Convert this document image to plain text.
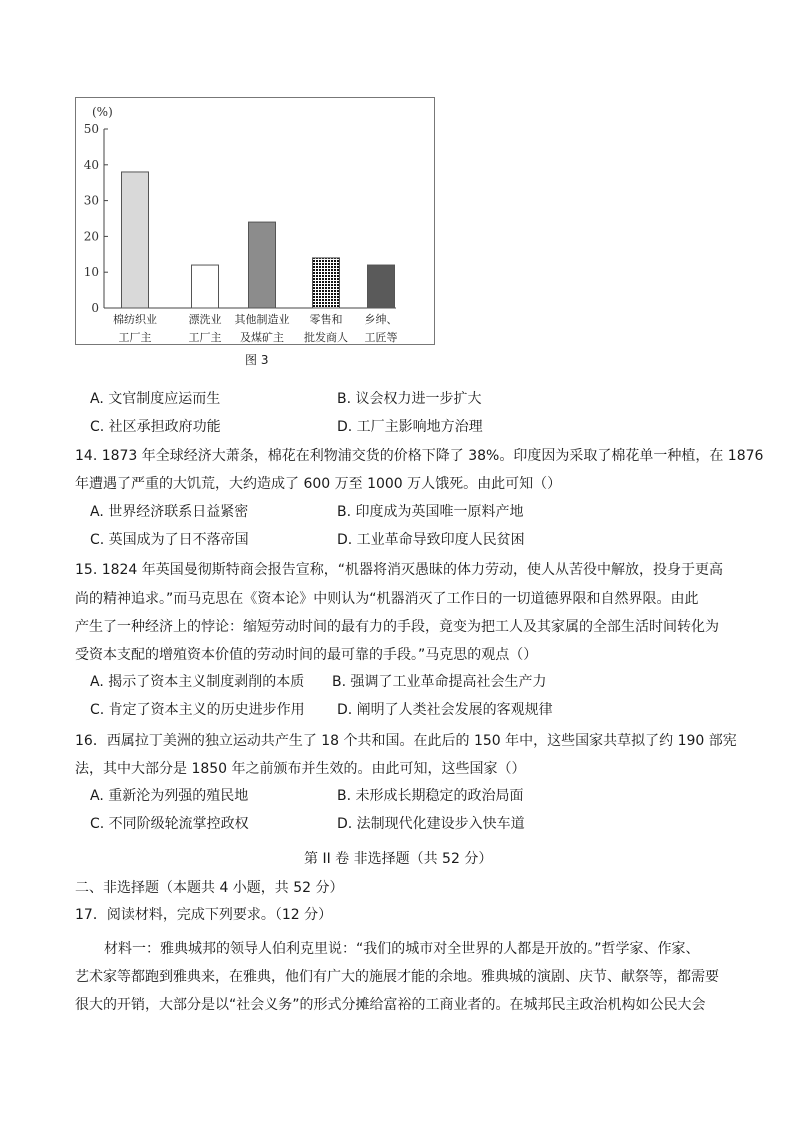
(%)
50
40
30
20
10
0
棉纺织业
工厂主
漂洗业
工厂主
其他制造业
及煤矿主
零售和
批发商人
乡绅、
工匠等
图 3
A. 文官制度应运而生	B. 议会权力进一步扩大
C. 社区承担政府功能	D. 工厂主影响地方治理
14. 1873 年全球经济大萧条，棉花在利物浦交货的价格下降了 38%。印度因为采取了棉花单一种植，在 1876
年遭遇了严重的大饥荒，大约造成了 600 万至 1000 万人饿死。由此可知（）
A. 世界经济联系日益紧密	B. 印度成为英国唯一原料产地
C. 英国成为了日不落帝国	D. 工业革命导致印度人民贫困
15. 1824 年英国曼彻斯特商会报告宣称，“机器将消灭愚昧的体力劳动，使人从苦役中解放，投身于更高
尚的精神追求。”而马克思在《资本论》中则认为“机器消灭了工作日的一切道德界限和自然界限。由此
产生了一种经济上的悖论：缩短劳动时间的最有力的手段，竟变为把工人及其家属的全部生活时间转化为
受资本支配的增殖资本价值的劳动时间的最可靠的手段。”马克思的观点（）
A. 揭示了资本主义制度剥削的本质 B. 强调了工业革命提高社会生产力
C. 肯定了资本主义的历史进步作用 D. 阐明了人类社会发展的客观规律
16．西属拉丁美洲的独立运动共产生了 18 个共和国。在此后的 150 年中，这些国家共草拟了约 190 部宪
法，其中大部分是 1850 年之前颁布并生效的。由此可知，这些国家（）
A. 重新沦为列强的殖民地	B. 未形成长期稳定的政治局面
C. 不同阶级轮流掌控政权	D. 法制现代化建设步入快车道
第 II 卷 非选择题（共 52 分）
二、非选择题（本题共 4 小题，共 52 分）
17．阅读材料，完成下列要求。（12 分）
材料一：雅典城邦的领导人伯利克里说：“我们的城市对全世界的人都是开放的。”哲学家、作家、
艺术家等都跑到雅典来，在雅典，他们有广大的施展才能的余地。雅典城的演剧、庆节、献祭等，都需要
很大的开销，大部分是以“社会义务”的形式分摊给富裕的工商业者的。在城邦民主政治机构如公民大会
